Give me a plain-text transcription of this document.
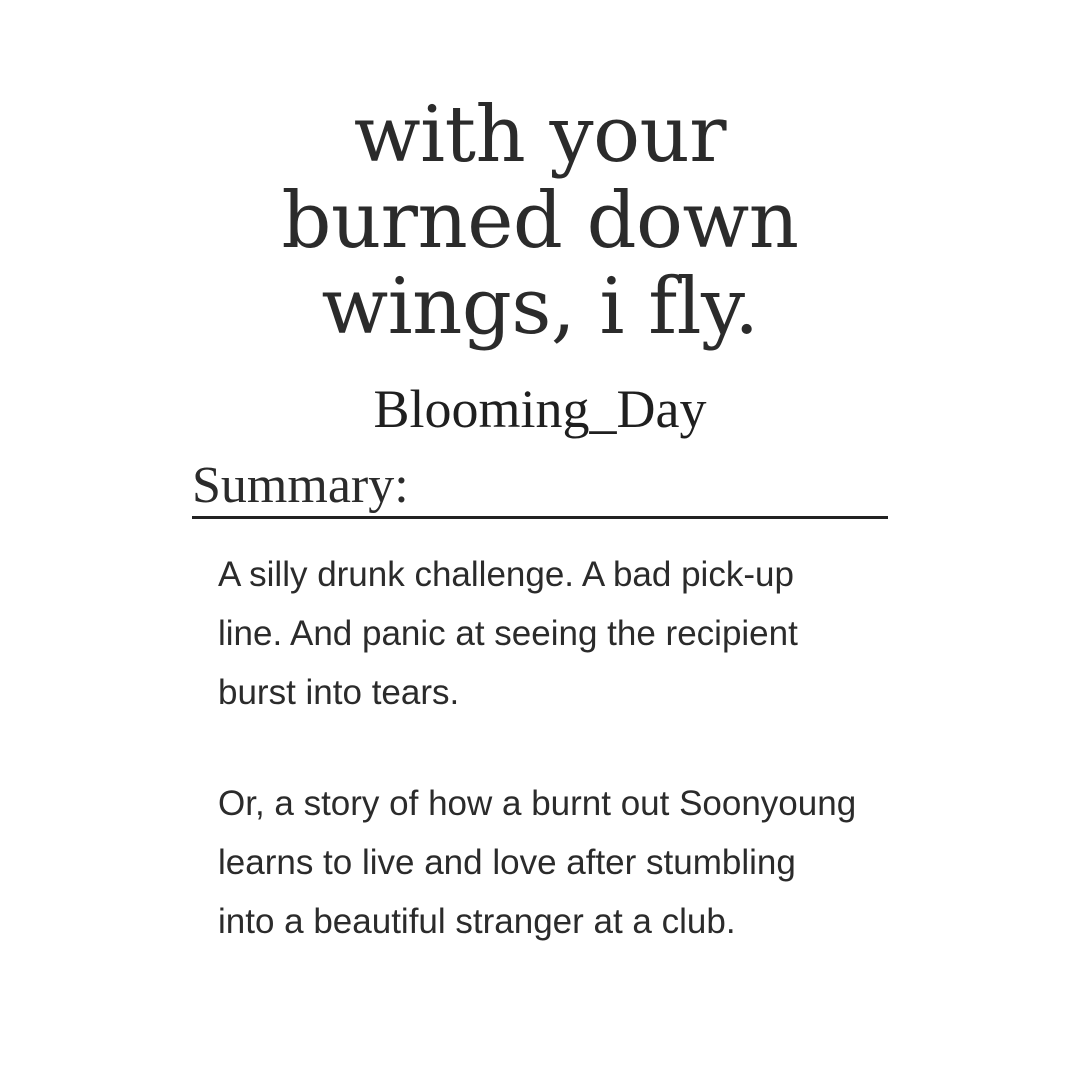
with your
burned down
wings, i fly.
Blooming_Day
Summary:

A silly drunk challenge. A bad pick-up line. And panic at seeing the recipient burst into tears.

Or, a story of how a burnt out Soonyoung learns to live and love after stumbling into a beautiful stranger at a club.
